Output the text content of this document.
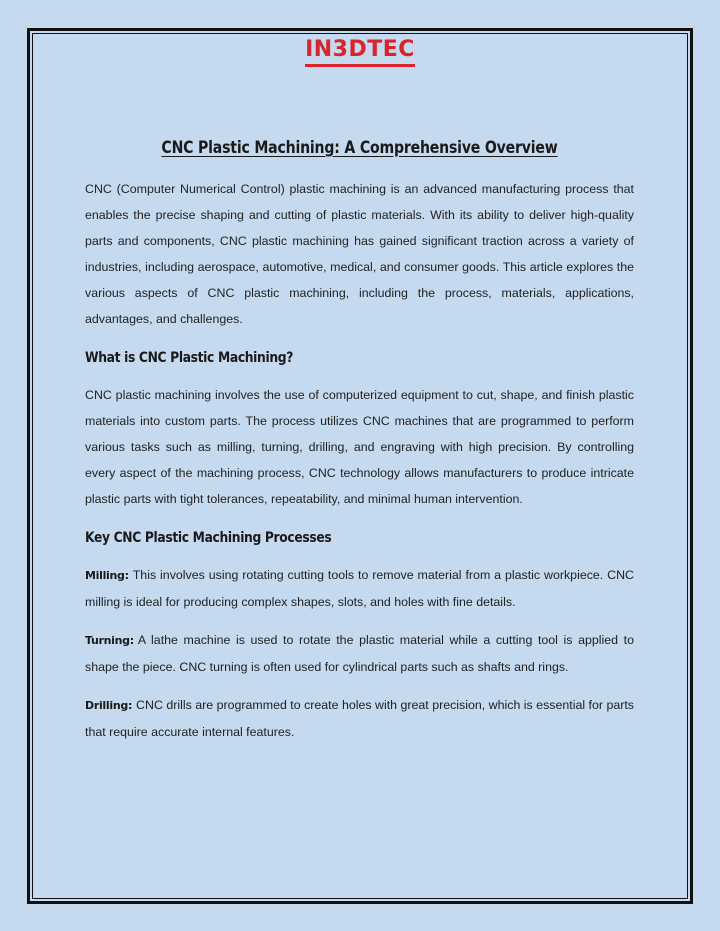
IN3DTEC
CNC Plastic Machining: A Comprehensive Overview

CNC (Computer Numerical Control) plastic machining is an advanced manufacturing process that enables the precise shaping and cutting of plastic materials. With its ability to deliver high-quality parts and components, CNC plastic machining has gained significant traction across a variety of industries, including aerospace, automotive, medical, and consumer goods. This article explores the various aspects of CNC plastic machining, including the process, materials, applications, advantages, and challenges.

What is CNC Plastic Machining?

CNC plastic machining involves the use of computerized equipment to cut, shape, and finish plastic materials into custom parts. The process utilizes CNC machines that are programmed to perform various tasks such as milling, turning, drilling, and engraving with high precision. By controlling every aspect of the machining process, CNC technology allows manufacturers to produce intricate plastic parts with tight tolerances, repeatability, and minimal human intervention.

Key CNC Plastic Machining Processes

Milling: This involves using rotating cutting tools to remove material from a plastic workpiece. CNC milling is ideal for producing complex shapes, slots, and holes with fine details.

Turning: A lathe machine is used to rotate the plastic material while a cutting tool is applied to shape the piece. CNC turning is often used for cylindrical parts such as shafts and rings.

Drilling: CNC drills are programmed to create holes with great precision, which is essential for parts that require accurate internal features.
